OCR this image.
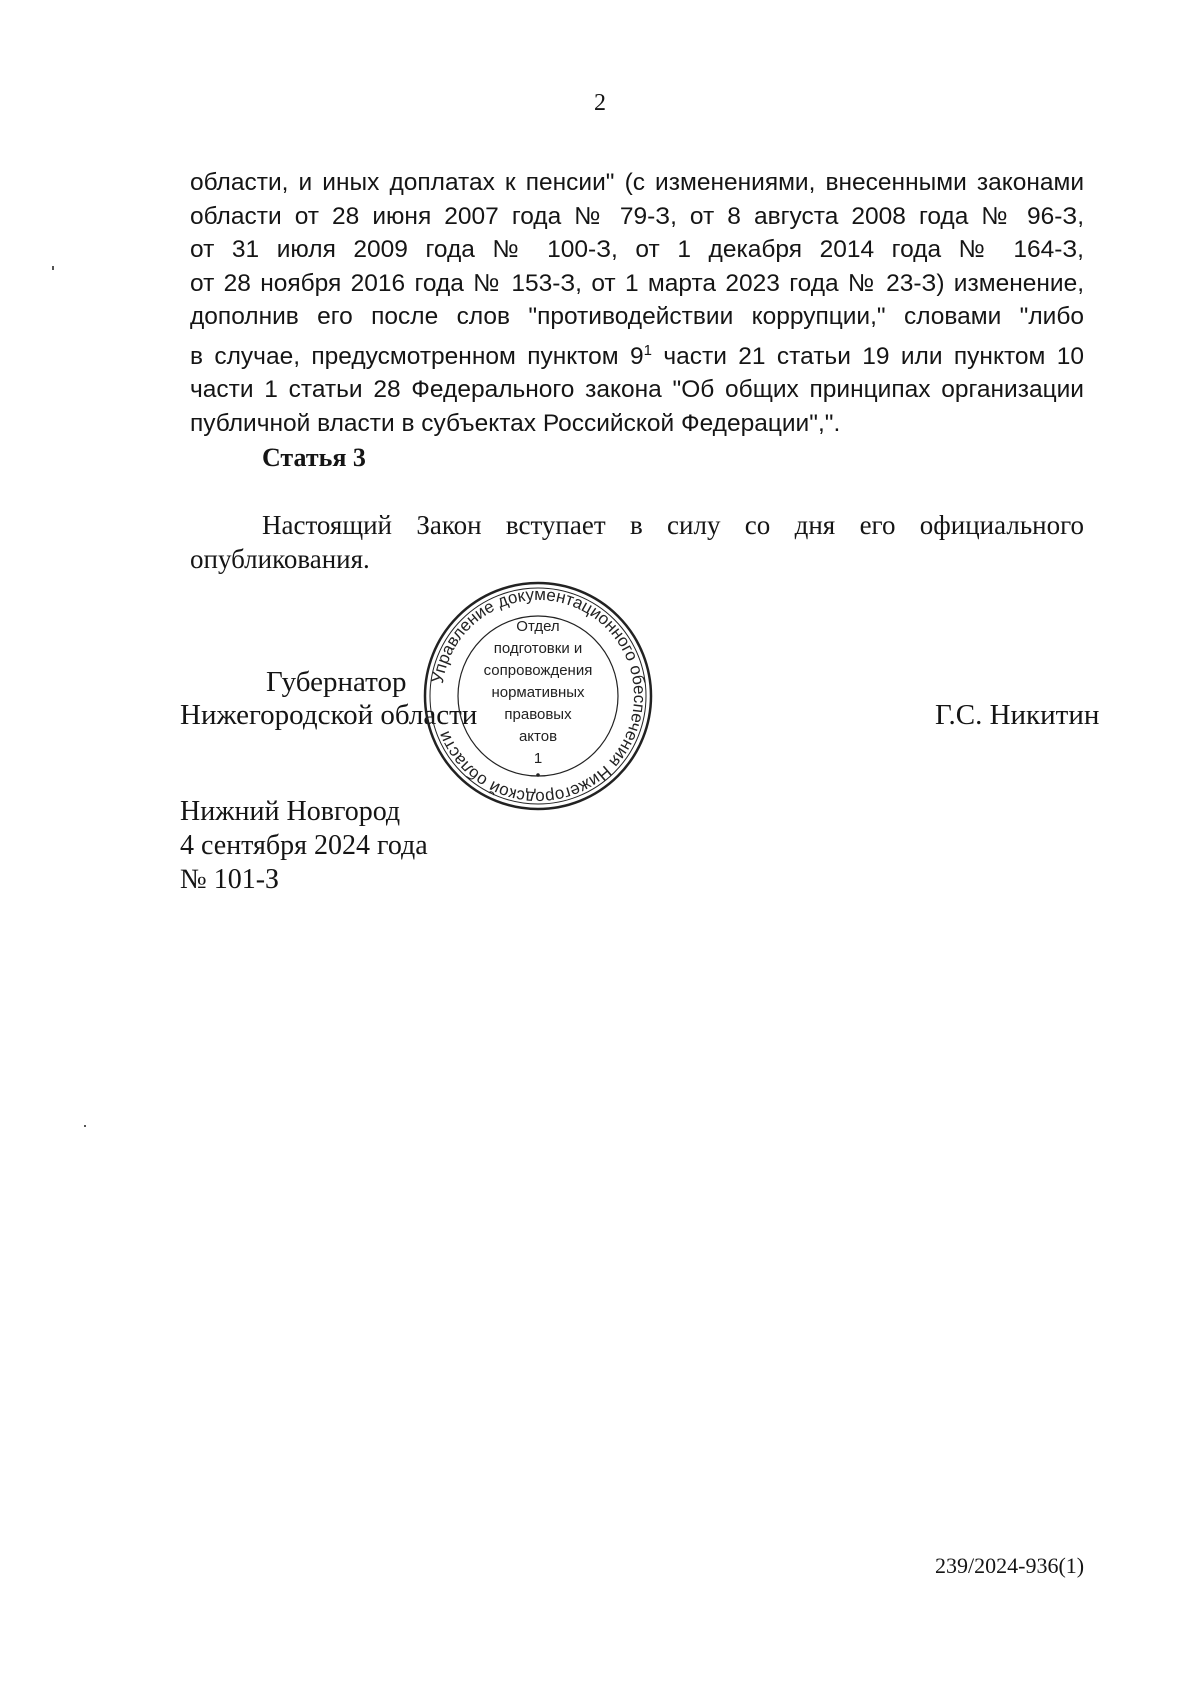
2
области, и иных доплатах к пенсии" (с изменениями, внесенными законами
области от 28 июня 2007 года № 79-З, от 8 августа 2008 года № 96-З,
от 31 июля 2009 года № 100-З, от 1 декабря 2014 года № 164-З,
от 28 ноября 2016 года № 153-З, от 1 марта 2023 года № 23-З) изменение,
дополнив его после слов "противодействии коррупции," словами "либо
в случае, предусмотренном пунктом $9^1$ части 21 статьи 19 или пунктом 10
части 1 статьи 28 Федерального закона "Об общих принципах организации
публичной власти в субъектах Российской Федерации",".
Статья 3
Настоящий Закон вступает в силу со дня его официального
опубликования.
Губернатор
Нижегородской области	Г.С. Никитин
Управление документационного обеспечения Нижегородской области
Отдел
подготовки и
сопровождения
нормативных
правовых
актов
1
Нижний Новгород
4 сентября 2024 года
№ 101-З
239/2024-936(1)
